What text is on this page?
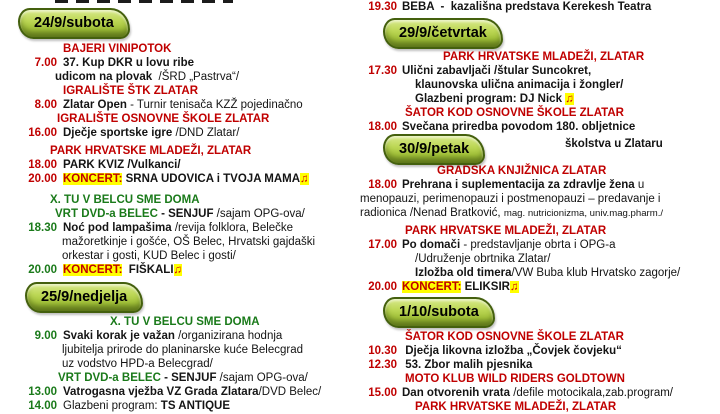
24/9/subota
BAJERI VINIPOTOK
7.00 37. Kup DKR u lovu ribe
udicom na plovak  /ŠRD „Pastrva“/
IGRALIŠTE ŠTK ZLATAR
8.00 Zlatar Open - Turnir tenisača KZŽ pojedinačno
IGRALIŠTE OSNOVNE ŠKOLE ZLATAR
16.00 Dječje sportske igre /DND Zlatar/
PARK HRVATSKE MLADEŽI, ZLATAR
18.00 PARK KVIZ /Vulkanci/
20.00 KONCERT: SRNA UDOVICA i TVOJA MAMA♫
X. TU V BELCU SME DOMA
VRT DVD-a BELEC - SENJUF /sajam OPG-ova/
18.30 Noć pod lampašima /revija folklora, Belečke
mažoretkinje i gošće, OŠ Belec, Hrvatski gajdaški
orkestar i gosti, KUD Belec i gosti/
20.00 KONCERT:  FIŠKALI♫
25/9/nedjelja
X. TU V BELCU SME DOMA
9.00 Svaki korak je važan /organizirana hodnja
ljubitelja prirode do planinarske kuće Belecgrad
uz vodstvo HPD-a Belecgrad/
VRT DVD-a BELEC - SENJUF /sajam OPG-ova/
13.00 Vatrogasna vježba VZ Grada Zlatara/DVD Belec/
14.00 Glazbeni program: TS ANTIQUE
19.30 BEBA  -  kazališna predstava Kerekesh Teatra
29/9/četvrtak
PARK HRVATSKE MLADEŽI, ZLATAR
17.30 Ulični zabavljači /štular Suncokret,
klaunovska ulična animacija i žongler/
Glazbeni program: DJ Nick ♫
ŠATOR KOD OSNOVNE ŠKOLE ZLATAR
18.00 Svečana priredba povodom 180. obljetnice
30/9/petak	školstva u Zlataru
GRADSKA KNJIŽNICA ZLATAR
18.00 Prehrana i suplementacija za zdravlje žena u
menopauzi, perimenopauzi i postmenopauzi – predavanje i
radionica /Nenad Bratković, mag. nutricionizma, univ.mag.pharm./
PARK HRVATSKE MLADEŽI, ZLATAR
17.00 Po domači - predstavljanje obrta i OPG-a
/Udruženje obrtnika Zlatar/
Izložba old timera/VW Buba klub Hrvatsko zagorje/
20.00 KONCERT: ELIKSIR♫
1/10/subota
ŠATOR KOD OSNOVNE ŠKOLE ZLATAR
10.30 Dječja likovna izložba „Čovjek čovjeku“
12.30 53. Zbor malih pjesnika
MOTO KLUB WILD RIDERS GOLDTOWN
15.00 Dan otvorenih vrata /defile motocikala,zab.program/
PARK HRVATSKE MLADEŽI, ZLATAR
